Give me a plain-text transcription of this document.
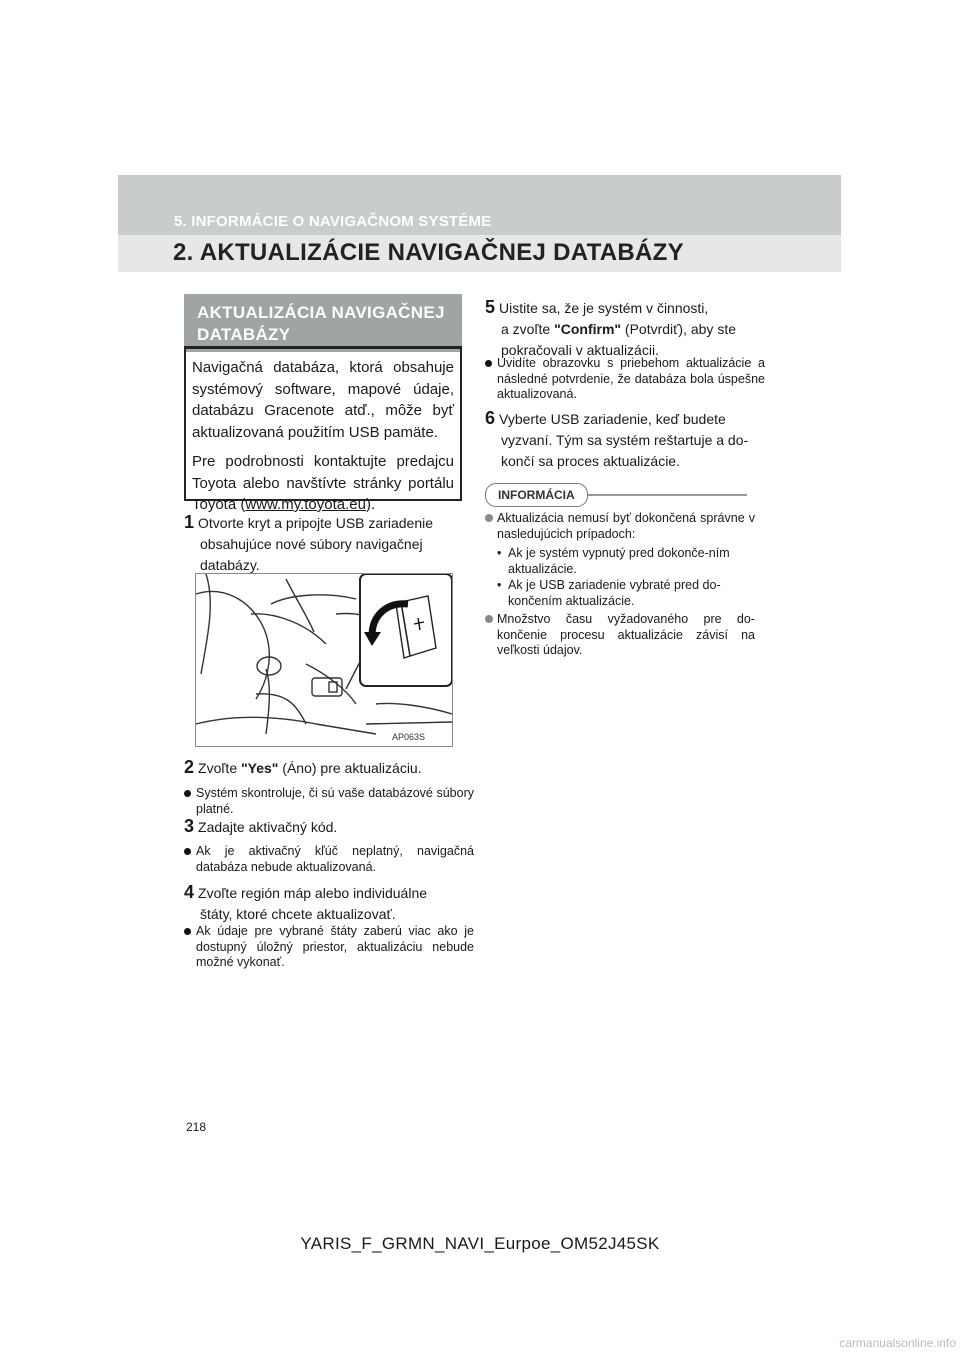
5. INFORMÁCIE O NAVIGAČNOM SYSTÉME
2. AKTUALIZÁCIE NAVIGAČNEJ DATABÁZY
AKTUALIZÁCIA NAVIGAČNEJ
DATABÁZY

Navigačná databáza, ktorá obsahuje systémový software, mapové údaje, databázu Gracenote atď., môže byť aktualizovaná použitím USB pamäte.

Pre podrobnosti kontaktujte predajcu Toyota alebo navštívte stránky portálu Toyota (www.my.toyota.eu).

1 Otvorte kryt a pripojte USB zariadenie
obsahujúce nové súbory navigačnej
databázy.
AP063S
2 Zvoľte "Yes" (Áno) pre aktualizáciu.
Systém skontroluje, či sú vaše databázové súbory platné.
3 Zadajte aktivačný kód.
Ak je aktivačný kľúč neplatný, navigačná databáza nebude aktualizovaná.
4 Zvoľte región máp alebo individuálne
štáty, ktoré chcete aktualizovať.
Ak údaje pre vybrané štáty zaberú viac ako je dostupný úložný priestor, aktualizáciu nebude možné vykonať.
5 Uistite sa, že je systém v činnosti,
a zvoľte "Confirm" (Potvrdiť), aby ste
pokračovali v aktualizácii.
Uvidíte obrazovku s priebehom aktualizácie a následné potvrdenie, že databáza bola úspešne aktualizovaná.
6 Vyberte USB zariadenie, keď budete
vyzvaní. Tým sa systém reštartuje a do-
končí sa proces aktualizácie.
INFORMÁCIA
Aktualizácia nemusí byť dokončená správne v nasledujúcich prípadoch:
• Ak je systém vypnutý pred dokonče-ním aktualizácie.
• Ak je USB zariadenie vybraté pred do-končením aktualizácie.
Množstvo času vyžadovaného pre do-končenie procesu aktualizácie závisí na veľkosti údajov.
218
YARIS_F_GRMN_NAVI_Eurpoe_OM52J45SK
carmanualsonline.info
